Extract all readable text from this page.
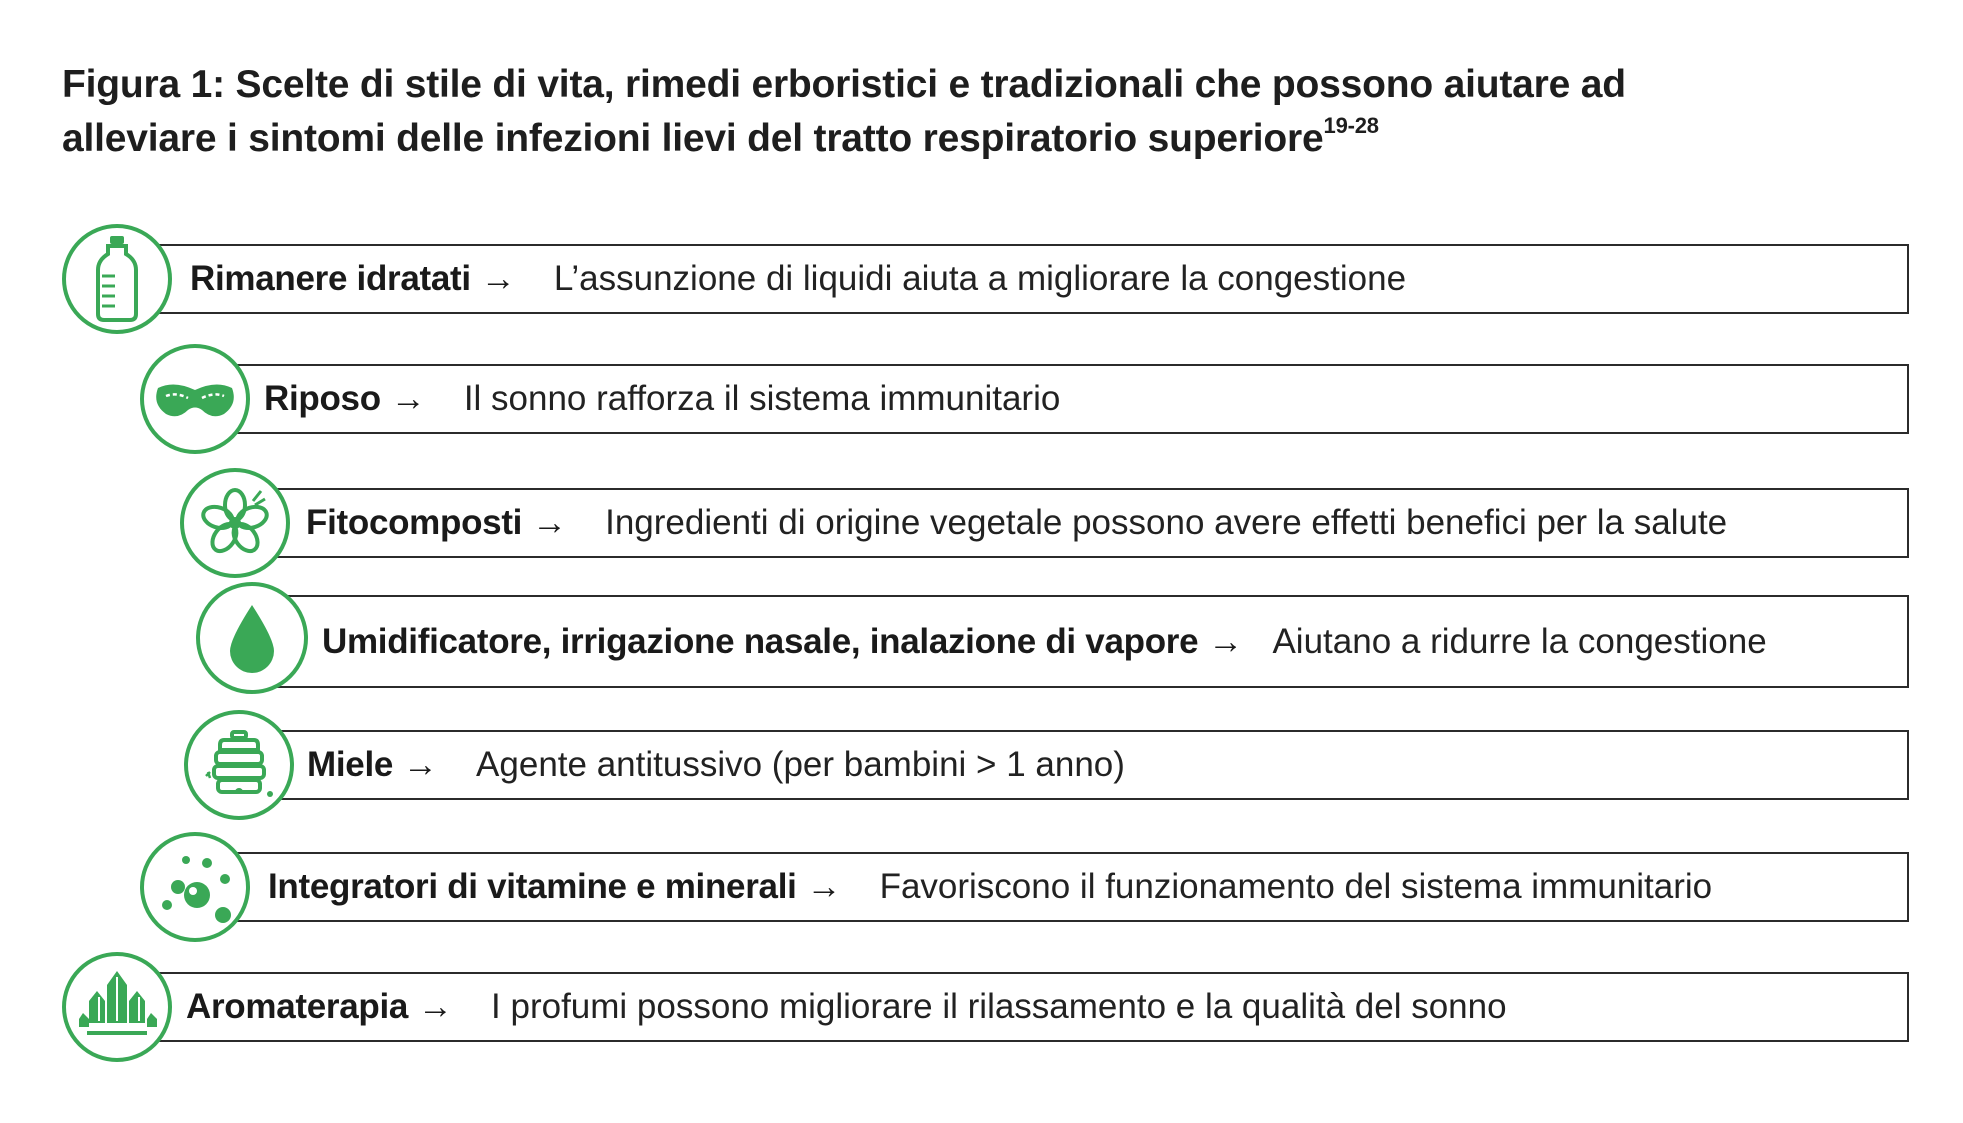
Figura 1: Scelte di stile di vita, rimedi erboristici e tradizionali che possono aiutare ad
alleviare i sintomi delle infezioni lievi del tratto respiratorio superiore$^{19-28}$
Rimanere idratati → L’assunzione di liquidi aiuta a migliorare la congestione
Riposo → Il sonno rafforza il sistema immunitario
Fitocomposti → Ingredienti di origine vegetale possono avere effetti benefici per la salute
Umidificatore, irrigazione nasale, inalazione di vapore → Aiutano a ridurre la congestione
Miele → Agente antitussivo (per bambini > 1 anno)
Integratori di vitamine e minerali → Favoriscono il funzionamento del sistema immunitario
Aromaterapia → I profumi possono migliorare il rilassamento e la qualità del sonno
